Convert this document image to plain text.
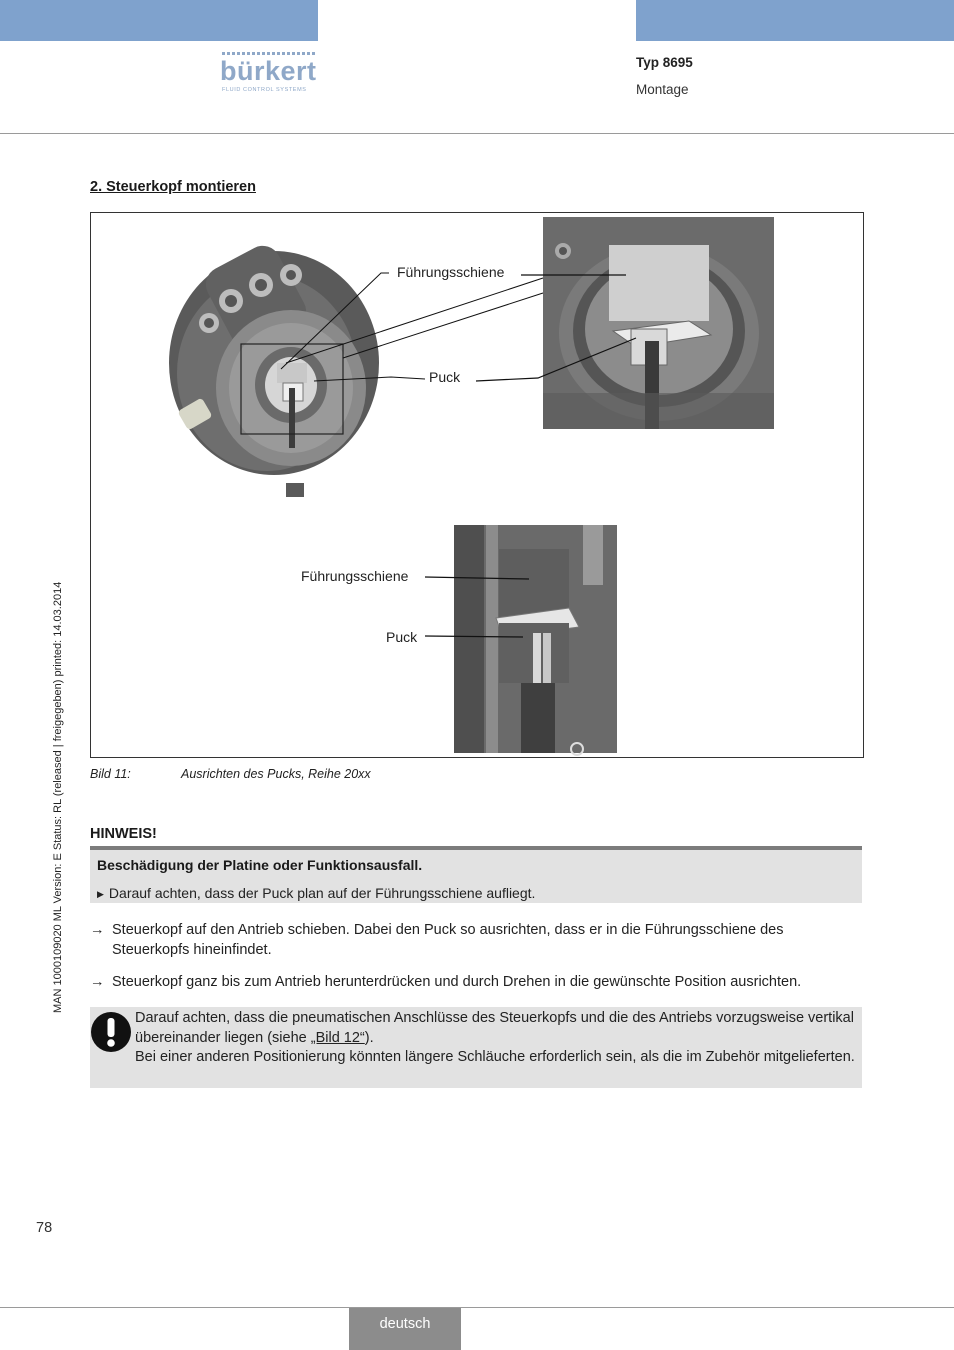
bürkert
FLUID CONTROL SYSTEMS
Typ 8695
Montage
MAN 1000109020 ML Version: E Status: RL (released | freigegeben) printed: 14.03.2014
2. Steuerkopf montieren
Führungsschiene
Puck
Führungsschiene
Puck
Bild 11:	Ausrichten des Pucks, Reihe 20xx
HINWEIS!
Beschädigung der Platine oder Funktionsausfall.
▶ Darauf achten, dass der Puck plan auf der Führungsschiene aufliegt.
→ Steuerkopf auf den Antrieb schieben. Dabei den Puck so ausrichten, dass er in die Führungsschiene des Steuerkopfs hineinfindet.
→ Steuerkopf ganz bis zum Antrieb herunterdrücken und durch Drehen in die gewünschte Position ausrichten.
Darauf achten, dass die pneumatischen Anschlüsse des Steuerkopfs und die des Antriebs vorzugsweise vertikal übereinander liegen (siehe „Bild 12“).
Bei einer anderen Positionierung könnten längere Schläuche erforderlich sein, als die im Zubehör mitgelieferten.
78
deutsch
